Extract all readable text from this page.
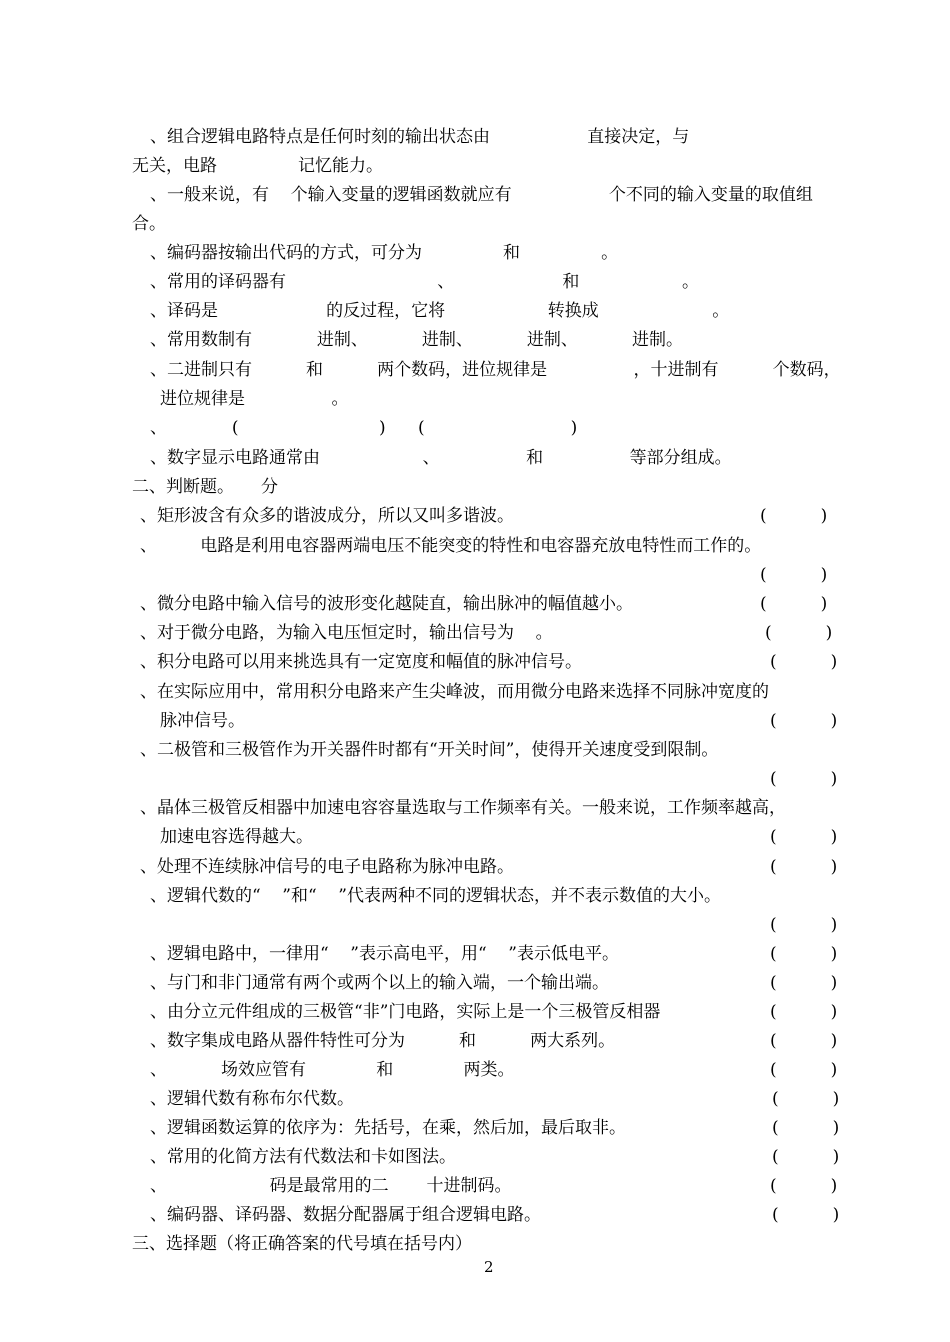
、组合逻辑电路特点是任何时刻的输出状态由                  直接决定，与
无关，电路               记忆能力。
、一般来说，有    个输入变量的逻辑函数就应有                  个不同的输入变量的取值组
合。
、编码器按输出代码的方式，可分为               和               。
、常用的译码器有                            、                    和                   。
、译码是                    的反过程，它将                   转换成                     。
、常用数制有            进制、          进制、          进制、          进制。
、二进制只有          和          两个数码，进位规律是                ，十进制有          个数码，
进位规律是                。
、            (                          )      (                           )
、数字显示电路通常由                   、                和                等部分组成。
二、判断题。     分
、矩形波含有众多的谐波成分，所以又叫多谐波。	(          )
、        电路是利用电容器两端电压不能突变的特性和电容器充放电特性而工作的。
(          )
、微分电路中输入信号的波形变化越陡直，输出脉冲的幅值越小。	(          )
、对于微分电路，为输入电压恒定时，输出信号为    。	(          )
、积分电路可以用来挑选具有一定宽度和幅值的脉冲信号。	(          )
、在实际应用中，常用积分电路来产生尖峰波，而用微分电路来选择不同脉冲宽度的
脉冲信号。	(          )
、二极管和三极管作为开关器件时都有“开关时间”，使得开关速度受到限制。
(          )
、晶体三极管反相器中加速电容容量选取与工作频率有关。一般来说，工作频率越高，
加速电容选得越大。	(          )
、处理不连续脉冲信号的电子电路称为脉冲电路。	(          )
、逻辑代数的“    ”和“    ”代表两种不同的逻辑状态，并不表示数值的大小。
(          )
、逻辑电路中，一律用“    ”表示高电平，用“    ”表示低电平。	(          )
、与门和非门通常有两个或两个以上的输入端，一个输出端。	(          )
、由分立元件组成的三极管“非”门电路，实际上是一个三极管反相器	(          )
、数字集成电路从器件特性可分为          和          两大系列。	(          )
、          场效应管有             和             两类。	(          )
、逻辑代数有称布尔代数。	(          )
、逻辑函数运算的依序为：先括号，在乘，然后加，最后取非。	(          )
、常用的化简方法有代数法和卡如图法。	(          )
、                   码是最常用的二       十进制码。	(          )
、编码器、译码器、数据分配器属于组合逻辑电路。	(          )
三、选择题（将正确答案的代号填在括号内）
2
